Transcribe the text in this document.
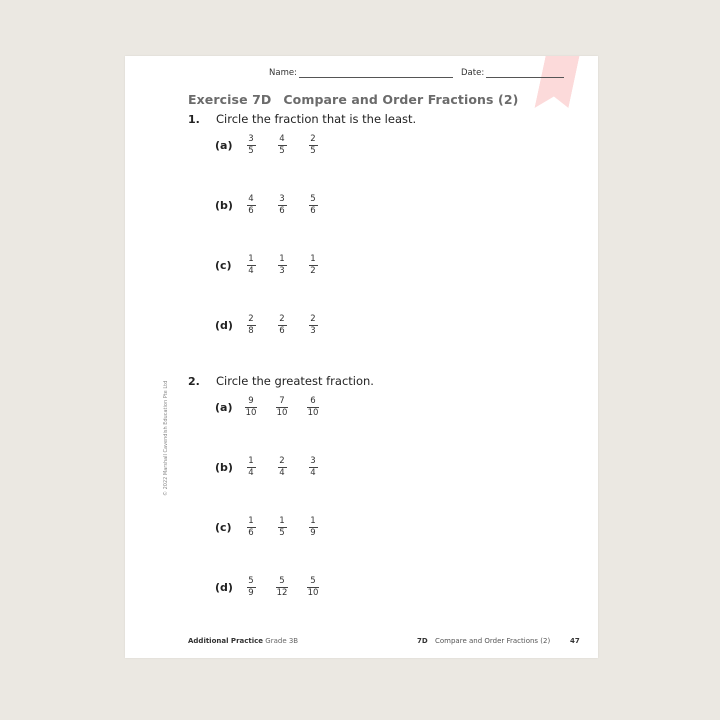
Name:	Date:
Exercise 7D Compare and Order Fractions (2)
1. Circle the fraction that is the least.
(a)	$\frac{3}{5} \frac{4}{5} \frac{2}{5}$
(b)	$\frac{4}{6} \frac{3}{6} \frac{5}{6}$
(c)	$\frac{1}{4} \frac{1}{3} \frac{1}{2}$
(d)	$\frac{2}{8} \frac{2}{6} \frac{2}{3}$
2. Circle the greatest fraction.
(a)	$\frac{9}{10} \frac{7}{10} \frac{6}{10}$
(b)	$\frac{1}{4} \frac{2}{4} \frac{3}{4}$
(c)	$\frac{1}{6} \frac{1}{5} \frac{1}{9}$
(d)	$\frac{5}{9} \frac{5}{12} \frac{5}{10}$
© 2022 Marshall Cavendish Education Pte Ltd
Additional Practice Grade 3B	7D Compare and Order Fractions (2)	47
